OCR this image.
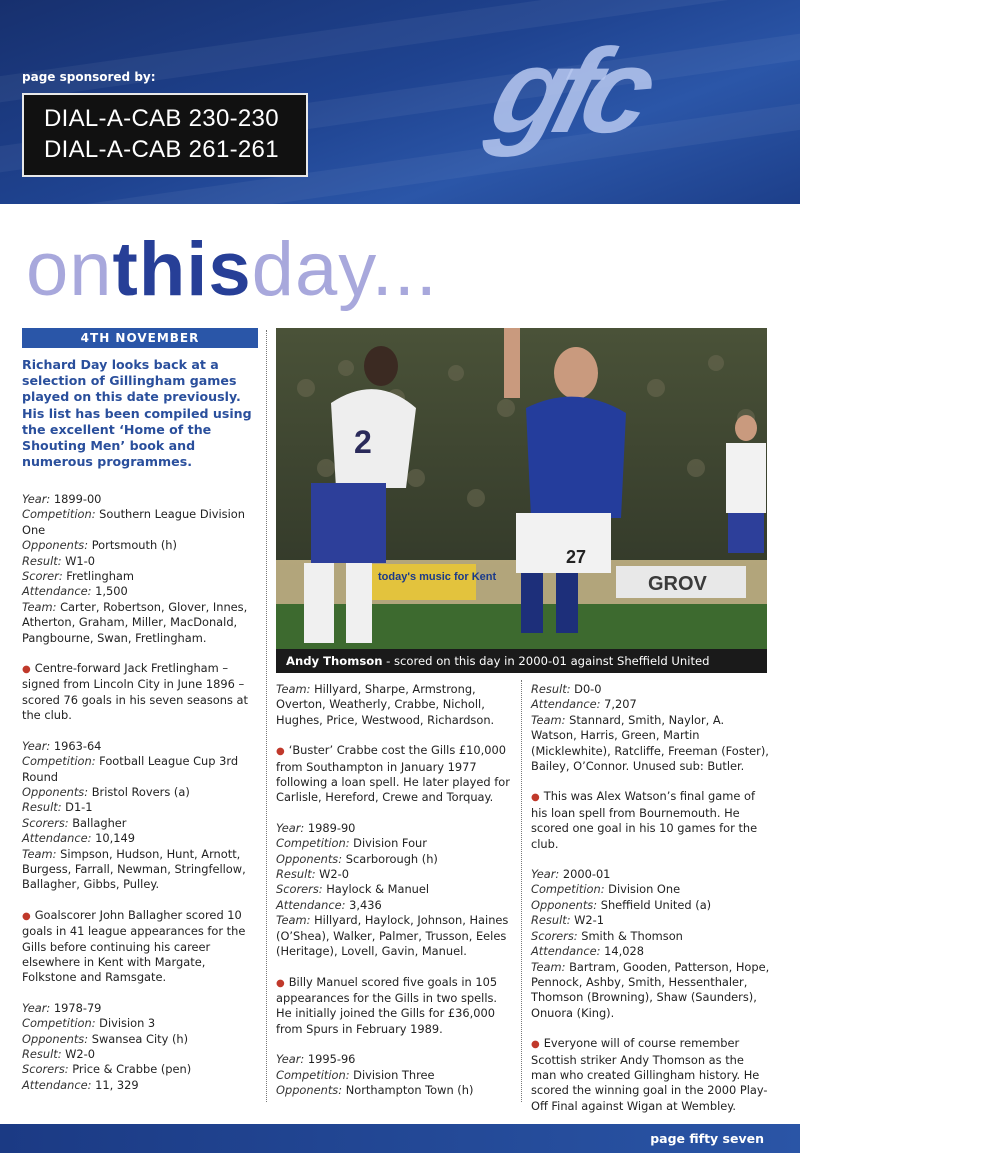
page sponsored by:
DIAL-A-CAB 230-230
DIAL-A-CAB 261-261 gfc
onthisday...
4TH NOVEMBER
Richard Day looks back at a selection of Gillingham games played on this date previously. His list has been compiled using the excellent ‘Home of the Shouting Men’ book and numerous programmes.

Year: 1899-00

Competition: Southern League Division One

Opponents: Portsmouth (h)

Result: W1-0

Scorer: Fretlingham

Attendance: 1,500

Team: Carter, Robertson, Glover, Innes, Atherton, Graham, Miller, MacDonald, Pangbourne, Swan, Fretlingham.

● Centre-forward Jack Fretlingham – signed from Lincoln City in June 1896 – scored 76 goals in his seven seasons at the club.

Year: 1963-64

Competition: Football League Cup 3rd Round

Opponents: Bristol Rovers (a)

Result: D1-1

Scorers: Ballagher

Attendance: 10,149

Team: Simpson, Hudson, Hunt, Arnott, Burgess, Farrall, Newman, Stringfellow, Ballagher, Gibbs, Pulley.

● Goalscorer John Ballagher scored 10 goals in 41 league appearances for the Gills before continuing his career elsewhere in Kent with Margate, Folkstone and Ramsgate.

Year: 1978-79

Competition: Division 3

Opponents: Swansea City (h)

Result: W2-0

Scorers: Price & Crabbe (pen)

Attendance: 11, 329

today's music for Kent	GROV
2
27
Andy Thomson - scored on this day in 2000-01 against Sheffield United

Team: Hillyard, Sharpe, Armstrong, Overton, Weatherly, Crabbe, Nicholl, Hughes, Price, Westwood, Richardson.

● ‘Buster’ Crabbe cost the Gills £10,000 from Southampton in January 1977 following a loan spell. He later played for Carlisle, Hereford, Crewe and Torquay.

Year: 1989-90

Competition: Division Four

Opponents: Scarborough (h)

Result: W2-0

Scorers: Haylock & Manuel

Attendance: 3,436

Team: Hillyard, Haylock, Johnson, Haines (O’Shea), Walker, Palmer, Trusson, Eeles (Heritage), Lovell, Gavin, Manuel.

● Billy Manuel scored five goals in 105 appearances for the Gills in two spells. He initially joined the Gills for £36,000 from Spurs in February 1989.

Year: 1995-96

Competition: Division Three

Opponents: Northampton Town (h)

Result: D0-0

Attendance: 7,207

Team: Stannard, Smith, Naylor, A. Watson, Harris, Green, Martin (Micklewhite), Ratcliffe, Freeman (Foster), Bailey, O’Connor. Unused sub: Butler.

● This was Alex Watson’s final game of his loan spell from Bournemouth. He scored one goal in his 10 games for the club.

Year: 2000-01

Competition: Division One

Opponents: Sheffield United (a)

Result: W2-1

Scorers: Smith & Thomson

Attendance: 14,028

Team: Bartram, Gooden, Patterson, Hope, Pennock, Ashby, Smith, Hessenthaler, Thomson (Browning), Shaw (Saunders), Onuora (King).

● Everyone will of course remember Scottish striker Andy Thomson as the man who created Gillingham history. He scored the winning goal in the 2000 Play-Off Final against Wigan at Wembley.

page fifty seven
